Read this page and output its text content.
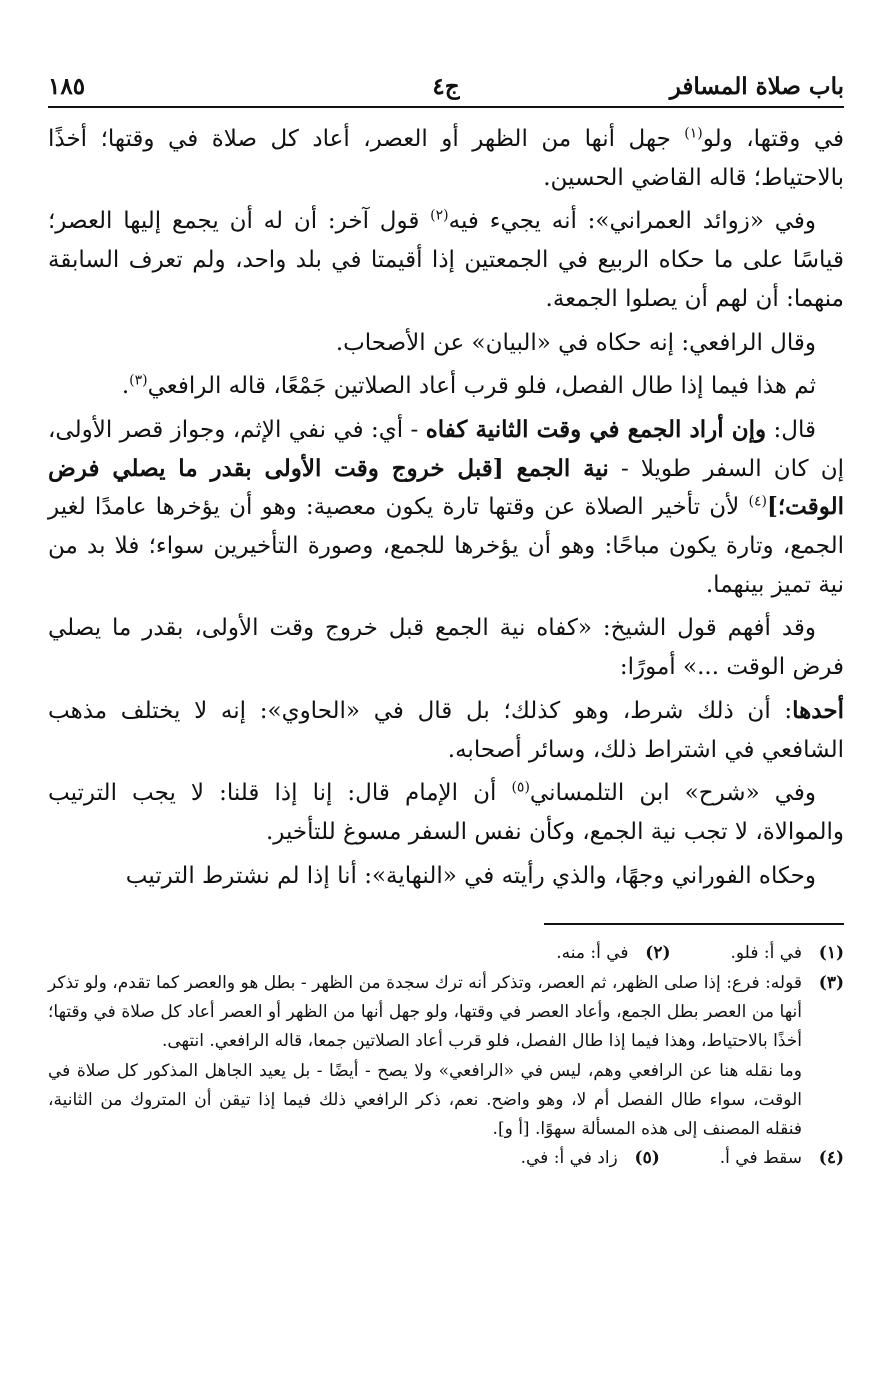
باب صلاة المسافر
ج٤
١٨٥

في وقتها، ولو$^{(١)}$ جهل أنها من الظهر أو العصر، أعاد كل صلاة في وقتها؛ أخذًا بالاحتياط؛ قاله القاضي الحسين.

وفي «زوائد العمراني»: أنه يجيء فيه$^{(٢)}$ قول آخر: أن له أن يجمع إليها العصر؛ قياسًا على ما حكاه الربيع في الجمعتين إذا أقيمتا في بلد واحد، ولم تعرف السابقة منهما: أن لهم أن يصلوا الجمعة.

وقال الرافعي: إنه حكاه في «البيان» عن الأصحاب.

ثم هذا فيما إذا طال الفصل، فلو قرب أعاد الصلاتين جَمْعًا، قاله الرافعي$^{(٣)}$.

قال: وإن أراد الجمع في وقت الثانية كفاه - أي: في نفي الإثم، وجواز قصر الأولى، إن كان السفر طويلا - نية الجمع [قبل خروج وقت الأولى بقدر ما يصلي فرض الوقت؛]$^{(٤)}$ لأن تأخير الصلاة عن وقتها تارة يكون معصية: وهو أن يؤخرها عامدًا لغير الجمع، وتارة يكون مباحًا: وهو أن يؤخرها للجمع، وصورة التأخيرين سواء؛ فلا بد من نية تميز بينهما.

وقد أفهم قول الشيخ: «كفاه نية الجمع قبل خروج وقت الأولى، بقدر ما يصلي فرض الوقت ...» أمورًا:

أحدها: أن ذلك شرط، وهو كذلك؛ بل قال في «الحاوي»: إنه لا يختلف مذهب الشافعي في اشتراط ذلك، وسائر أصحابه.

وفي «شرح» ابن التلمساني$^{(٥)}$ أن الإمام قال: إنا إذا قلنا: لا يجب الترتيب والموالاة، لا تجب نية الجمع، وكأن نفس السفر مسوغ للتأخير.

وحكاه الفوراني وجهًا، والذي رأيته في «النهاية»: أنا إذا لم نشترط الترتيب

(١)
في أ: فلو.
(٢)
في أ: منه.
(٣)

قوله: فرع: إذا صلى الظهر، ثم العصر، وتذكر أنه ترك سجدة من الظهر - بطل هو والعصر كما تقدم، ولو تذكر أنها من العصر بطل الجمع، وأعاد العصر في وقتها، ولو جهل أنها من الظهر أو العصر أعاد كل صلاة في وقتها؛ أخذًا بالاحتياط، وهذا فيما إذا طال الفصل، فلو قرب أعاد الصلاتين جمعا، قاله الرافعي. انتهى.

وما نقله هنا عن الرافعي وهم، ليس في «الرافعي» ولا يصح - أيضًا - بل يعيد الجاهل المذكور كل صلاة في الوقت، سواء طال الفصل أم لا، وهو واضح. نعم، ذكر الرافعي ذلك فيما إذا تيقن أن المتروك من الثانية، فنقله المصنف إلى هذه المسألة سهوًا. [أ و].

(٤)
سقط في أ.
(٥)
زاد في أ: في.
